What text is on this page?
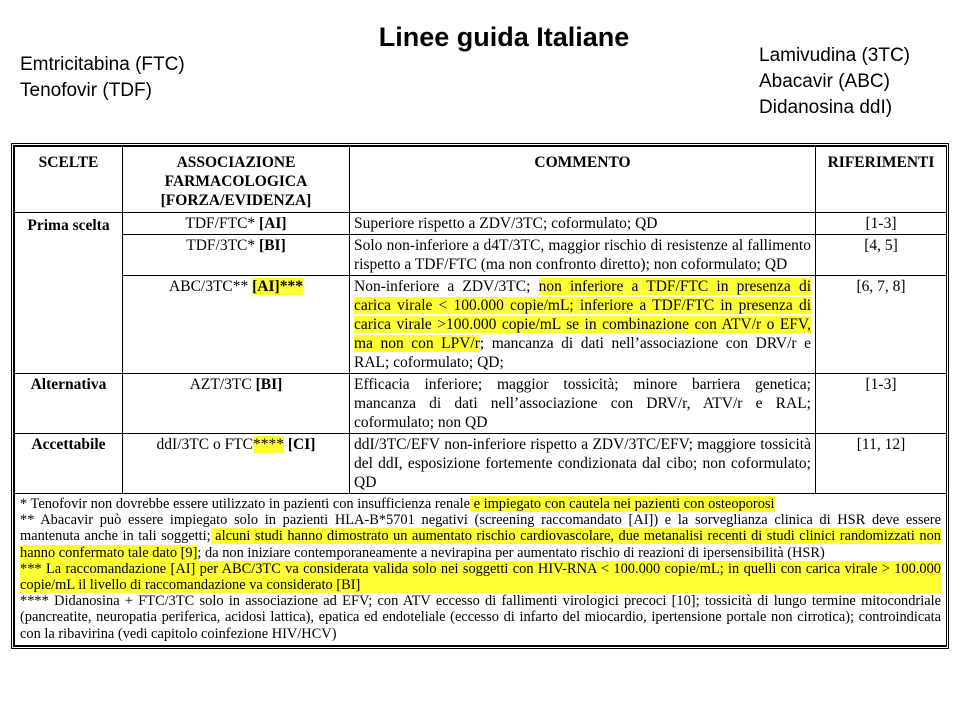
Linee guida Italiane
Emtricitabina (FTC)
Tenofovir (TDF)
Lamivudina (3TC)
Abacavir (ABC)
Didanosina ddI)
SCELTE	ASSOCIAZIONE FARMACOLOGICA [FORZA/EVIDENZA]	COMMENTO	RIFERIMENTI
Prima scelta	TDF/FTC* [AI]	Superiore rispetto a ZDV/3TC; coformulato; QD	[1-3]
	TDF/3TC* [BI]	Solo non-inferiore a d4T/3TC, maggior rischio di resistenze al fallimento rispetto a TDF/FTC (ma non confronto diretto); non coformulato; QD	[4, 5]
	ABC/3TC** [AI]***	Non-inferiore a ZDV/3TC; non inferiore a TDF/FTC in presenza di carica virale < 100.000 copie/mL; inferiore a TDF/FTC in presenza di carica virale >100.000 copie/mL se in combinazione con ATV/r o EFV, ma non con LPV/r; mancanza di dati nell’associazione con DRV/r e RAL; coformulato; QD;	[6, 7, 8]
Alternativa	AZT/3TC [BI]	Efficacia inferiore; maggior tossicità; minore barriera genetica; mancanza di dati nell’associazione con DRV/r, ATV/r e RAL; coformulato; non QD	[1-3]
Accettabile	ddI/3TC o FTC**** [CI]	ddI/3TC/EFV non-inferiore rispetto a ZDV/3TC/EFV; maggiore tossicità del ddI, esposizione fortemente condizionata dal cibo; non coformulato; QD	[11, 12]

* Tenofovir non dovrebbe essere utilizzato in pazienti con insufficienza renale e impiegato con cautela nei pazienti con osteoporosi
** Abacavir può essere impiegato solo in pazienti HLA-B*5701 negativi (screening raccomandato [AI]) e la sorveglianza clinica di HSR deve essere mantenuta anche in tali soggetti; alcuni studi hanno dimostrato un aumentato rischio cardiovascolare, due metanalisi recenti di studi clinici randomizzati non hanno confermato tale dato [9]; da non iniziare contemporaneamente a nevirapina per aumentato rischio di reazioni di ipersensibilità (HSR)
*** La raccomandazione [AI] per ABC/3TC va considerata valida solo nei soggetti con HIV-RNA < 100.000 copie/mL; in quelli con carica virale > 100.000 copie/mL il livello di raccomandazione va considerato [BI]
**** Didanosina + FTC/3TC solo in associazione ad EFV; con ATV eccesso di fallimenti virologici precoci [10]; tossicità di lungo termine mitocondriale (pancreatite, neuropatia periferica, acidosi lattica), epatica ed endoteliale (eccesso di infarto del miocardio, ipertensione portale non cirrotica); controindicata con la ribavirina (vedi capitolo coinfezione HIV/HCV)			
